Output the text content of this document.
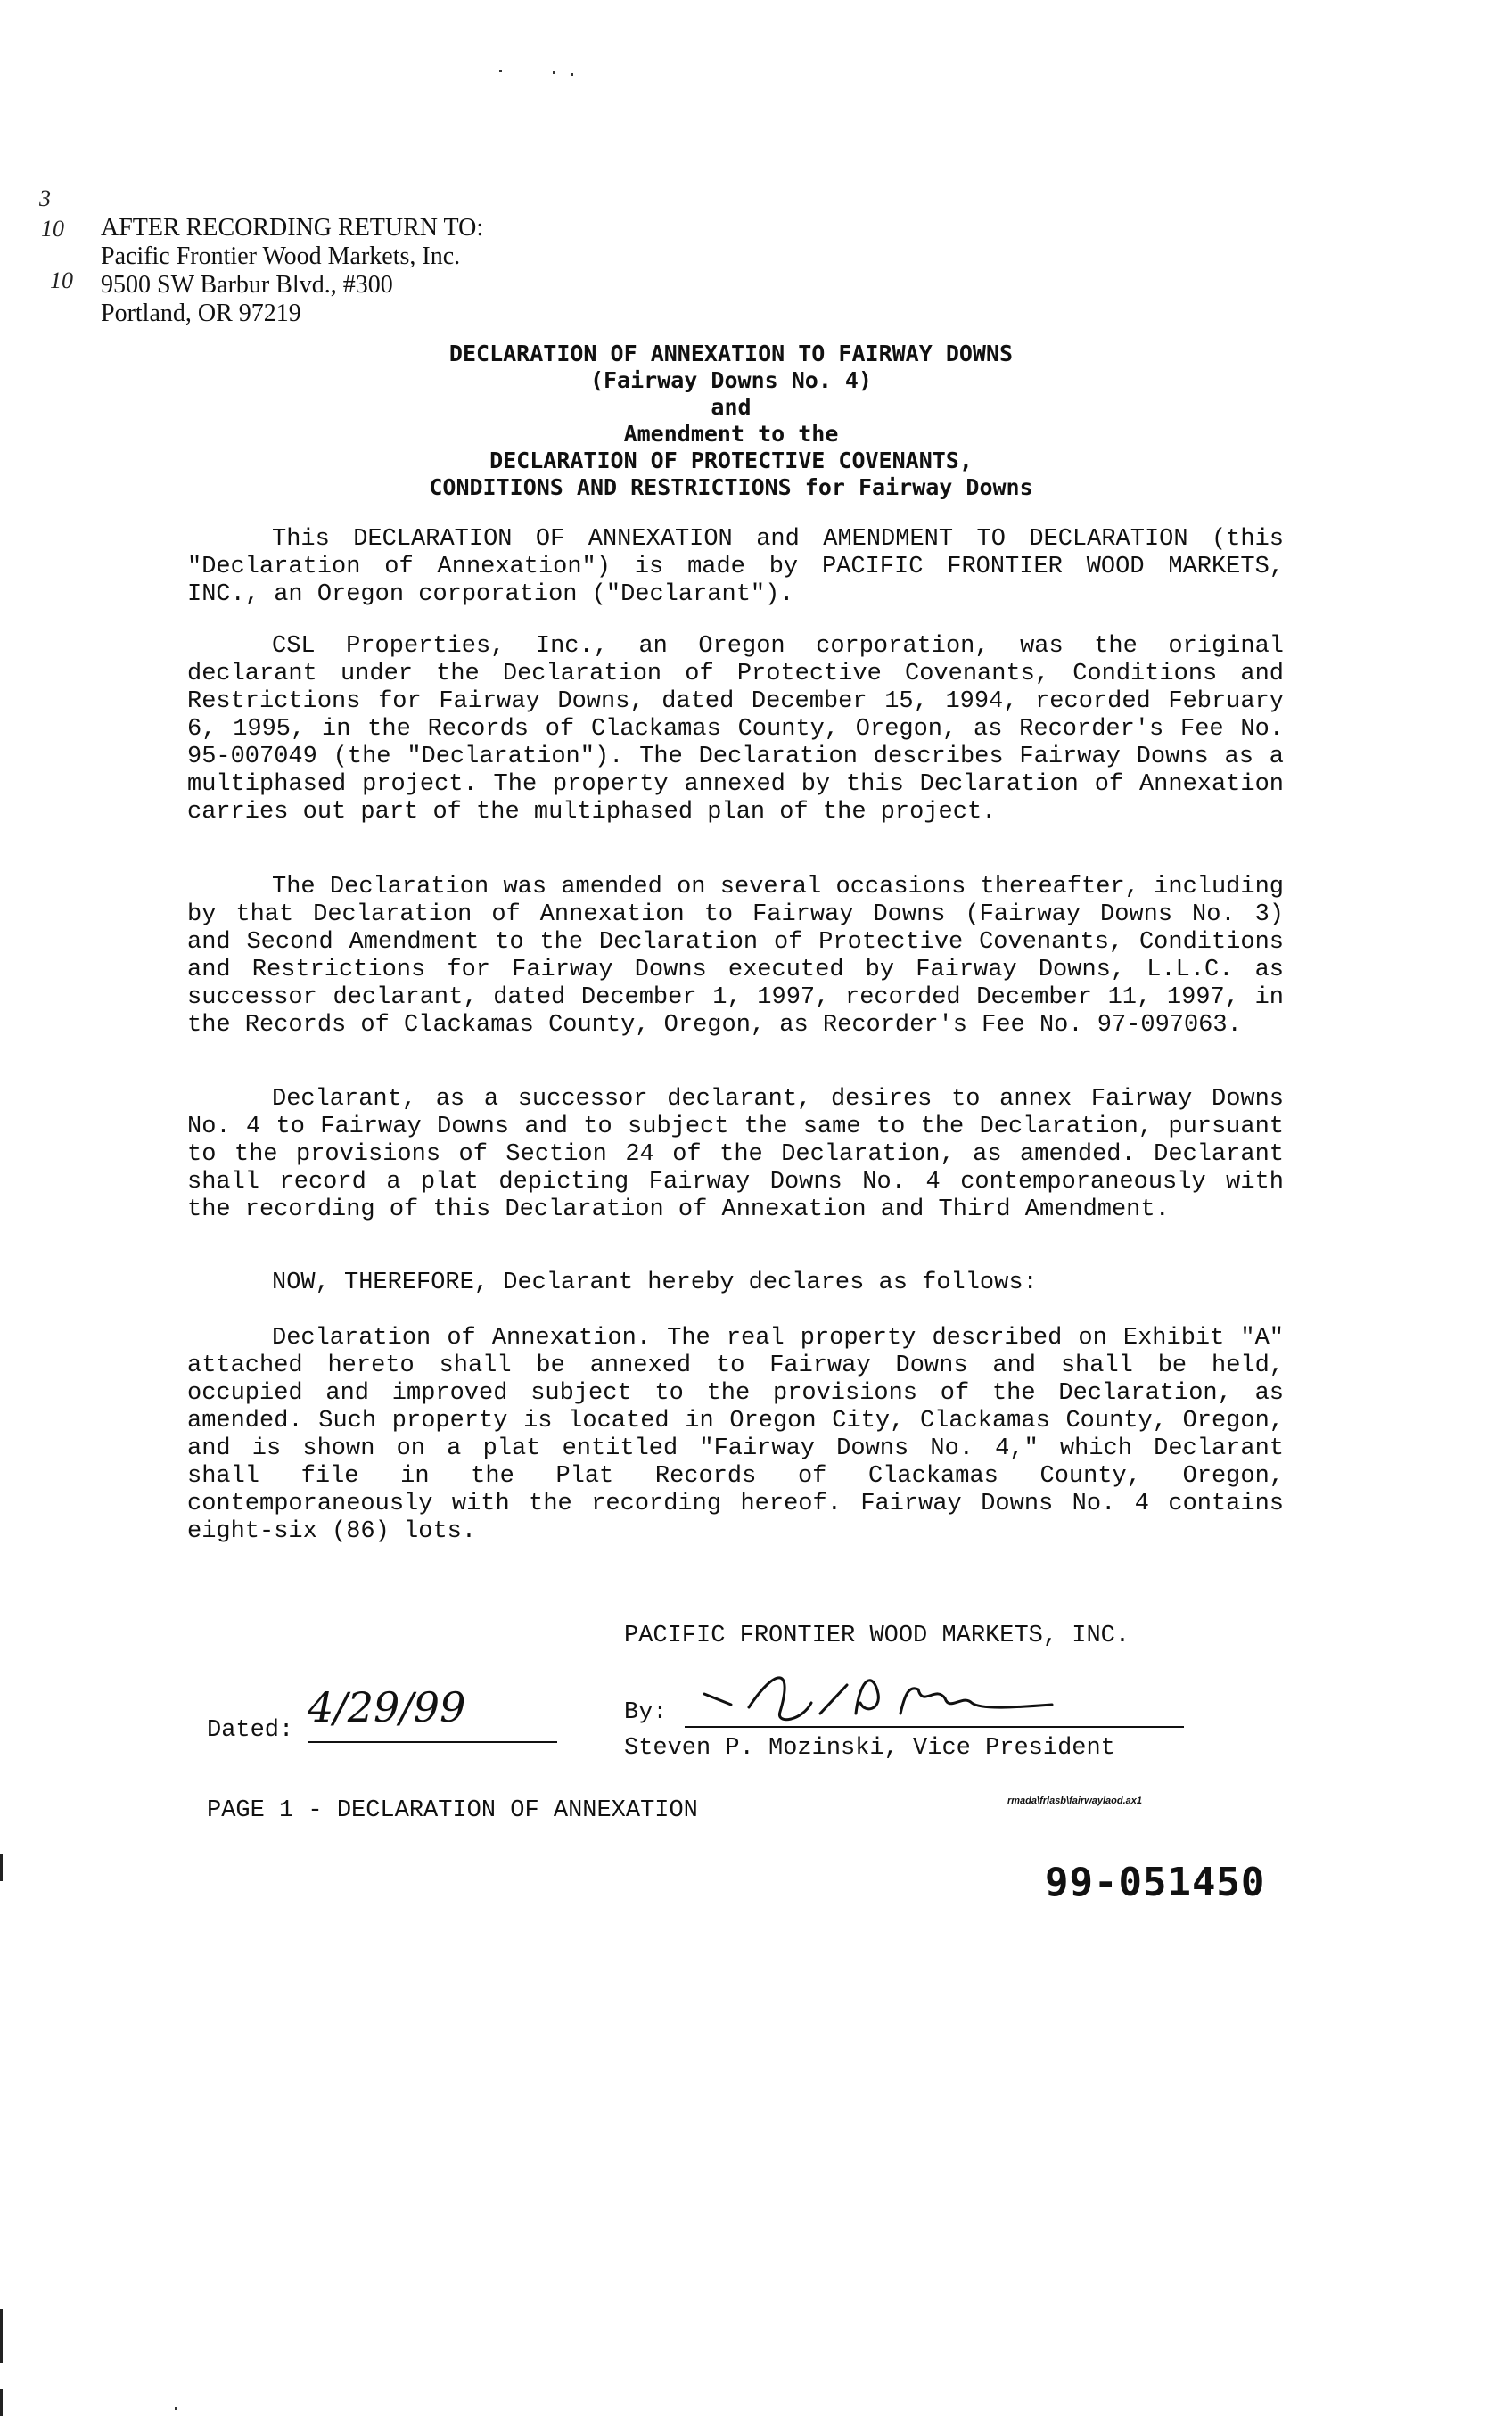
3
10
10
AFTER RECORDING RETURN TO:
Pacific Frontier Wood Markets, Inc.
9500 SW Barbur Blvd., #300
Portland, OR 97219
DECLARATION OF ANNEXATION TO FAIRWAY DOWNS
(Fairway Downs No. 4)
and
Amendment to the
DECLARATION OF PROTECTIVE COVENANTS,
CONDITIONS AND RESTRICTIONS for Fairway Downs

This DECLARATION OF ANNEXATION and AMENDMENT TO DECLARATION (this "Declaration of Annexation") is made by PACIFIC FRONTIER WOOD MARKETS, INC., an Oregon corporation ("Declarant").

CSL Properties, Inc., an Oregon corporation, was the original declarant under the Declaration of Protective Covenants, Conditions and Restrictions for Fairway Downs, dated December 15, 1994, recorded February 6, 1995, in the Records of Clackamas County, Oregon, as Recorder's Fee No. 95-007049 (the "Declaration"). The Declaration describes Fairway Downs as a multiphased project. The property annexed by this Declaration of Annexation carries out part of the multiphased plan of the project.

The Declaration was amended on several occasions thereafter, including by that Declaration of Annexation to Fairway Downs (Fairway Downs No. 3) and Second Amendment to the Declaration of Protective Covenants, Conditions and Restrictions for Fairway Downs executed by Fairway Downs, L.L.C. as successor declarant, dated December 1, 1997, recorded December 11, 1997, in the Records of Clackamas County, Oregon, as Recorder's Fee No. 97-097063.

Declarant, as a successor declarant, desires to annex Fairway Downs No. 4 to Fairway Downs and to subject the same to the Declaration, pursuant to the provisions of Section 24 of the Declaration, as amended. Declarant shall record a plat depicting Fairway Downs No. 4 contemporaneously with the recording of this Declaration of Annexation and Third Amendment.

NOW, THEREFORE, Declarant hereby declares as follows:

Declaration of Annexation. The real property described on Exhibit "A" attached hereto shall be annexed to Fairway Downs and shall be held, occupied and improved subject to the provisions of the Declaration, as amended. Such property is located in Oregon City, Clackamas County, Oregon, and is shown on a plat entitled "Fairway Downs No. 4," which Declarant shall file in the Plat Records of Clackamas County, Oregon, contemporaneously with the recording hereof. Fairway Downs No. 4 contains eight-six (86) lots.

PACIFIC FRONTIER WOOD MARKETS, INC.
Dated: 4/29/99	By:
Steven P. Mozinski, Vice President
PAGE 1 - DECLARATION OF ANNEXATION	rmada\frlasb\fairwaylaod.ax1
99-051450
